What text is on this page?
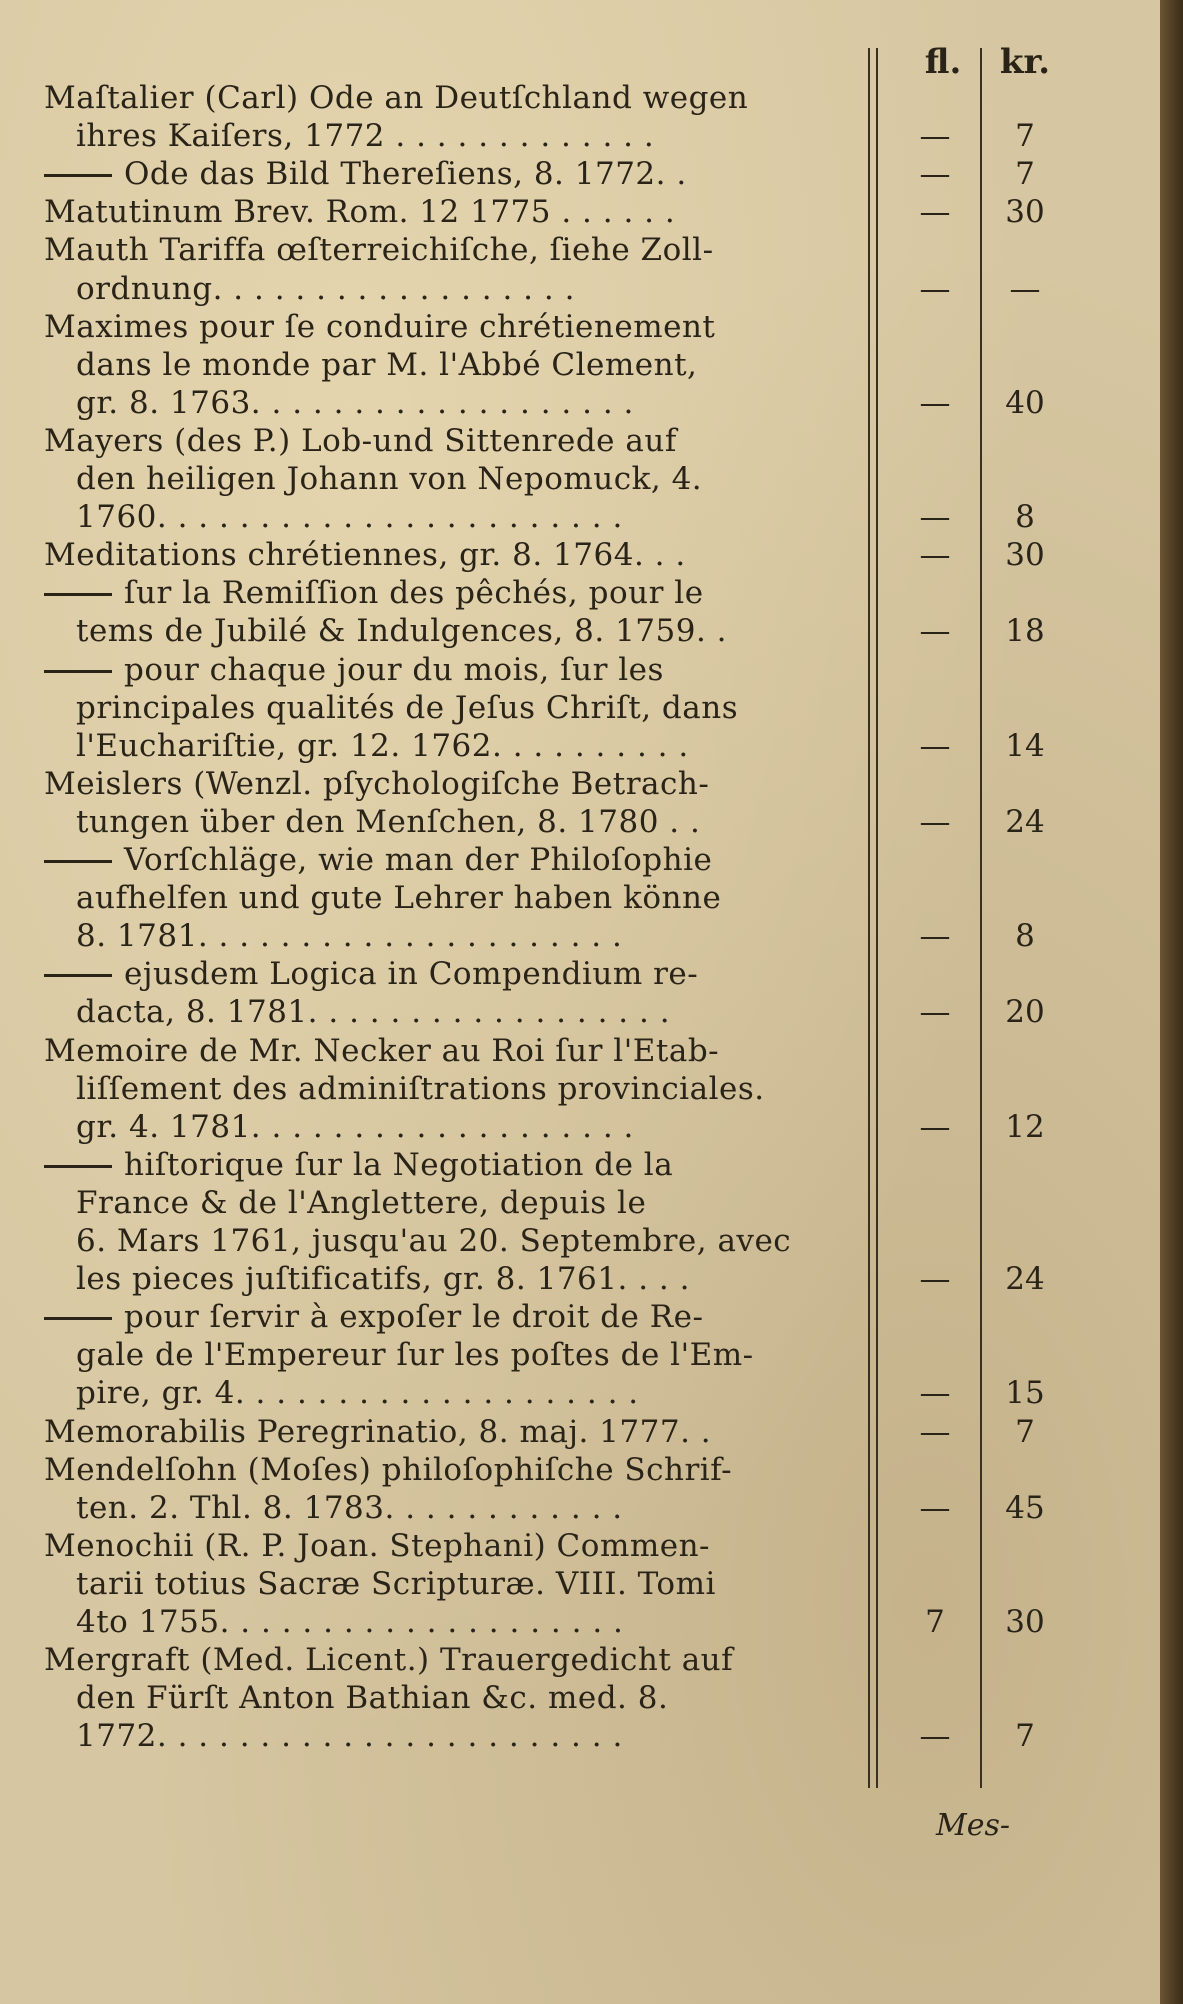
fl. kr.
Maſtalier (Carl) Ode an Deutſchland wegen
ihres Kaiſers, 1772 . . . . . . . . . . . . .	—	7
Ode das Bild Thereſiens, 8. 1772. .	—	7
Matutinum Brev. Rom. 12 1775 . . . . . .	—	30
Mauth Tariffa œſterreichiſche, ſiehe Zoll-
ordnung. . . . . . . . . . . . . . . . . .	—	—
Maximes pour ſe conduire chrétienement
dans le monde par M. l'Abbé Clement,
gr. 8. 1763. . . . . . . . . . . . . . . . . . .	—	40
Mayers (des P.) Lob-und Sittenrede auf
den heiligen Johann von Nepomuck, 4.
1760. . . . . . . . . . . . . . . . . . . . . . .	—	8
Meditations chrétiennes, gr. 8. 1764. . .	—	30
ſur la Remiſſion des pêchés, pour le
tems de Jubilé & Indulgences, 8. 1759. .	—	18
pour chaque jour du mois, ſur les
principales qualités de Jeſus Chriſt, dans
l'Euchariſtie, gr. 12. 1762. . . . . . . . . .	—	14
Meislers (Wenzl. pſychologiſche Betrach-
tungen über den Menſchen, 8. 1780 . .	—	24
Vorſchläge, wie man der Philoſophie
aufhelfen und gute Lehrer haben könne
8. 1781. . . . . . . . . . . . . . . . . . . . .	—	8
ejusdem Logica in Compendium re-
dacta, 8. 1781. . . . . . . . . . . . . . . . . .	—	20
Memoire de Mr. Necker au Roi ſur l'Etab-
liſſement des adminiſtrations provinciales.
gr. 4. 1781. . . . . . . . . . . . . . . . . . .	—	12
hiſtorique ſur la Negotiation de la
France & de l'Anglettere, depuis le
6. Mars 1761, jusqu'au 20. Septembre, avec
les pieces juſtificatifs, gr. 8. 1761. . . .	—	24
pour ſervir à expoſer le droit de Re-
gale de l'Empereur ſur les poſtes de l'Em-
pire, gr. 4. . . . . . . . . . . . . . . . . . . .	—	15
Memorabilis Peregrinatio, 8. maj. 1777. .	—	7
Mendelſohn (Moſes) philoſophiſche Schrif-
ten. 2. Thl. 8. 1783. . . . . . . . . . . .	—	45
Menochii (R. P. Joan. Stephani) Commen-
tarii totius Sacræ Scripturæ. VIII. Tomi
4to 1755. . . . . . . . . . . . . . . . . . . .	7	30
Mergraft (Med. Licent.) Trauergedicht auf
den Fürſt Anton Bathian &c. med. 8.
1772. . . . . . . . . . . . . . . . . . . . . . .	—	7
Mes-
